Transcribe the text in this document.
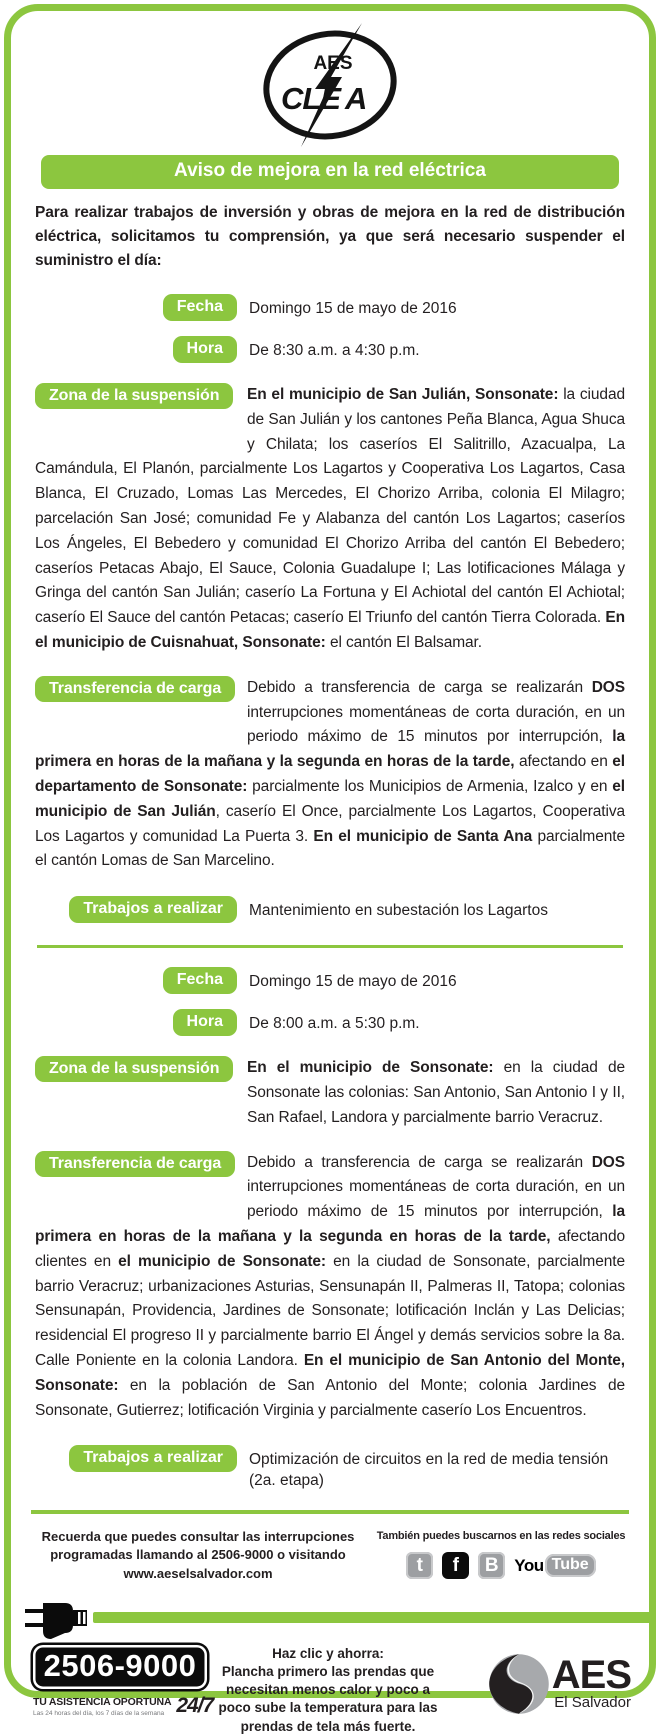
AES
CLE A
Aviso de mejora en la red eléctrica

Para realizar trabajos de inversión y obras de mejora en la red de distribución eléctrica, solicitamos tu comprensión, ya que será necesario suspender el suministro el día:

Fecha	Domingo 15 de mayo de 2016
Hora	De 8:30 a.m. a 4:30 p.m.
Zona de la suspensión	En el municipio de San Julián, Sonsonate: la ciudad de San Julián y los cantones Peña Blanca, Agua Shuca y Chilata; los caseríos El Salitrillo, Azacualpa, La Camándula, El Planón, parcialmente Los Lagartos y Cooperativa Los Lagartos, Casa Blanca, El Cruzado, Lomas Las Mercedes, El Chorizo Arriba, colonia El Milagro; parcelación San José; comunidad Fe y Alabanza del cantón Los Lagartos; caseríos Los Ángeles, El Bebedero y comunidad El Chorizo Arriba del cantón El Bebedero; caseríos Petacas Abajo, El Sauce, Colonia Guadalupe I; Las lotificaciones Málaga y Gringa del cantón San Julián; caserío La Fortuna y El Achiotal del cantón El Achiotal; caserío El Sauce del cantón Petacas; caserío El Triunfo del cantón Tierra Colorada. En el municipio de Cuisnahuat, Sonsonate: el cantón El Balsamar.
Transferencia de carga	Debido a transferencia de carga se realizarán DOS interrupciones momentáneas de corta duración, en un periodo máximo de 15 minutos por interrupción, la primera en horas de la mañana y la segunda en horas de la tarde, afectando en el departamento de Sonsonate: parcialmente los Municipios de Armenia, Izalco y en el municipio de San Julián, caserío El Once, parcialmente Los Lagartos, Cooperativa Los Lagartos y comunidad La Puerta 3. En el municipio de Santa Ana parcialmente el cantón Lomas de San Marcelino.
Trabajos a realizar	Mantenimiento en subestación los Lagartos
Fecha	Domingo 15 de mayo de 2016
Hora	De 8:00 a.m. a 5:30 p.m.
Zona de la suspensión	En el municipio de Sonsonate: en la ciudad de Sonsonate las colonias: San Antonio, San Antonio I y II, San Rafael, Landora y parcialmente barrio Veracruz.
Transferencia de carga	Debido a transferencia de carga se realizarán DOS interrupciones momentáneas de corta duración, en un periodo máximo de 15 minutos por interrupción, la primera en horas de la mañana y la segunda en horas de la tarde, afectando clientes en el municipio de Sonsonate: en la ciudad de Sonsonate, parcialmente barrio Veracruz; urbanizaciones Asturias, Sensunapán II, Palmeras II, Tatopa; colonias Sensunapán, Providencia, Jardines de Sonsonate; lotificación Inclán y Las Delicias; residencial El progreso II y parcialmente barrio El Ángel y demás servicios sobre la 8a. Calle Poniente en la colonia Landora. En el municipio de San Antonio del Monte, Sonsonate: en la población de San Antonio del Monte; colonia Jardines de Sonsonate, Gutierrez; lotificación Virginia y parcialmente caserío Los Encuentros.
Trabajos a realizar	Optimización de circuitos en la red de media tensión (2a. etapa)
Recuerda que puedes consultar las interrupciones programadas llamando al 2506-9000 o visitando www.aeselsalvador.com
También puedes buscarnos en las redes sociales
t	f	B You Tube
2506-9000
TU ASISTENCIA OPORTUNA
Las 24 horas del día, los 7 días de la semana 24/7
Haz clic y ahorra:
Plancha primero las prendas que necesitan menos calor y poco a poco sube la temperatura para las prendas de tela más fuerte.
AES
El Salvador
